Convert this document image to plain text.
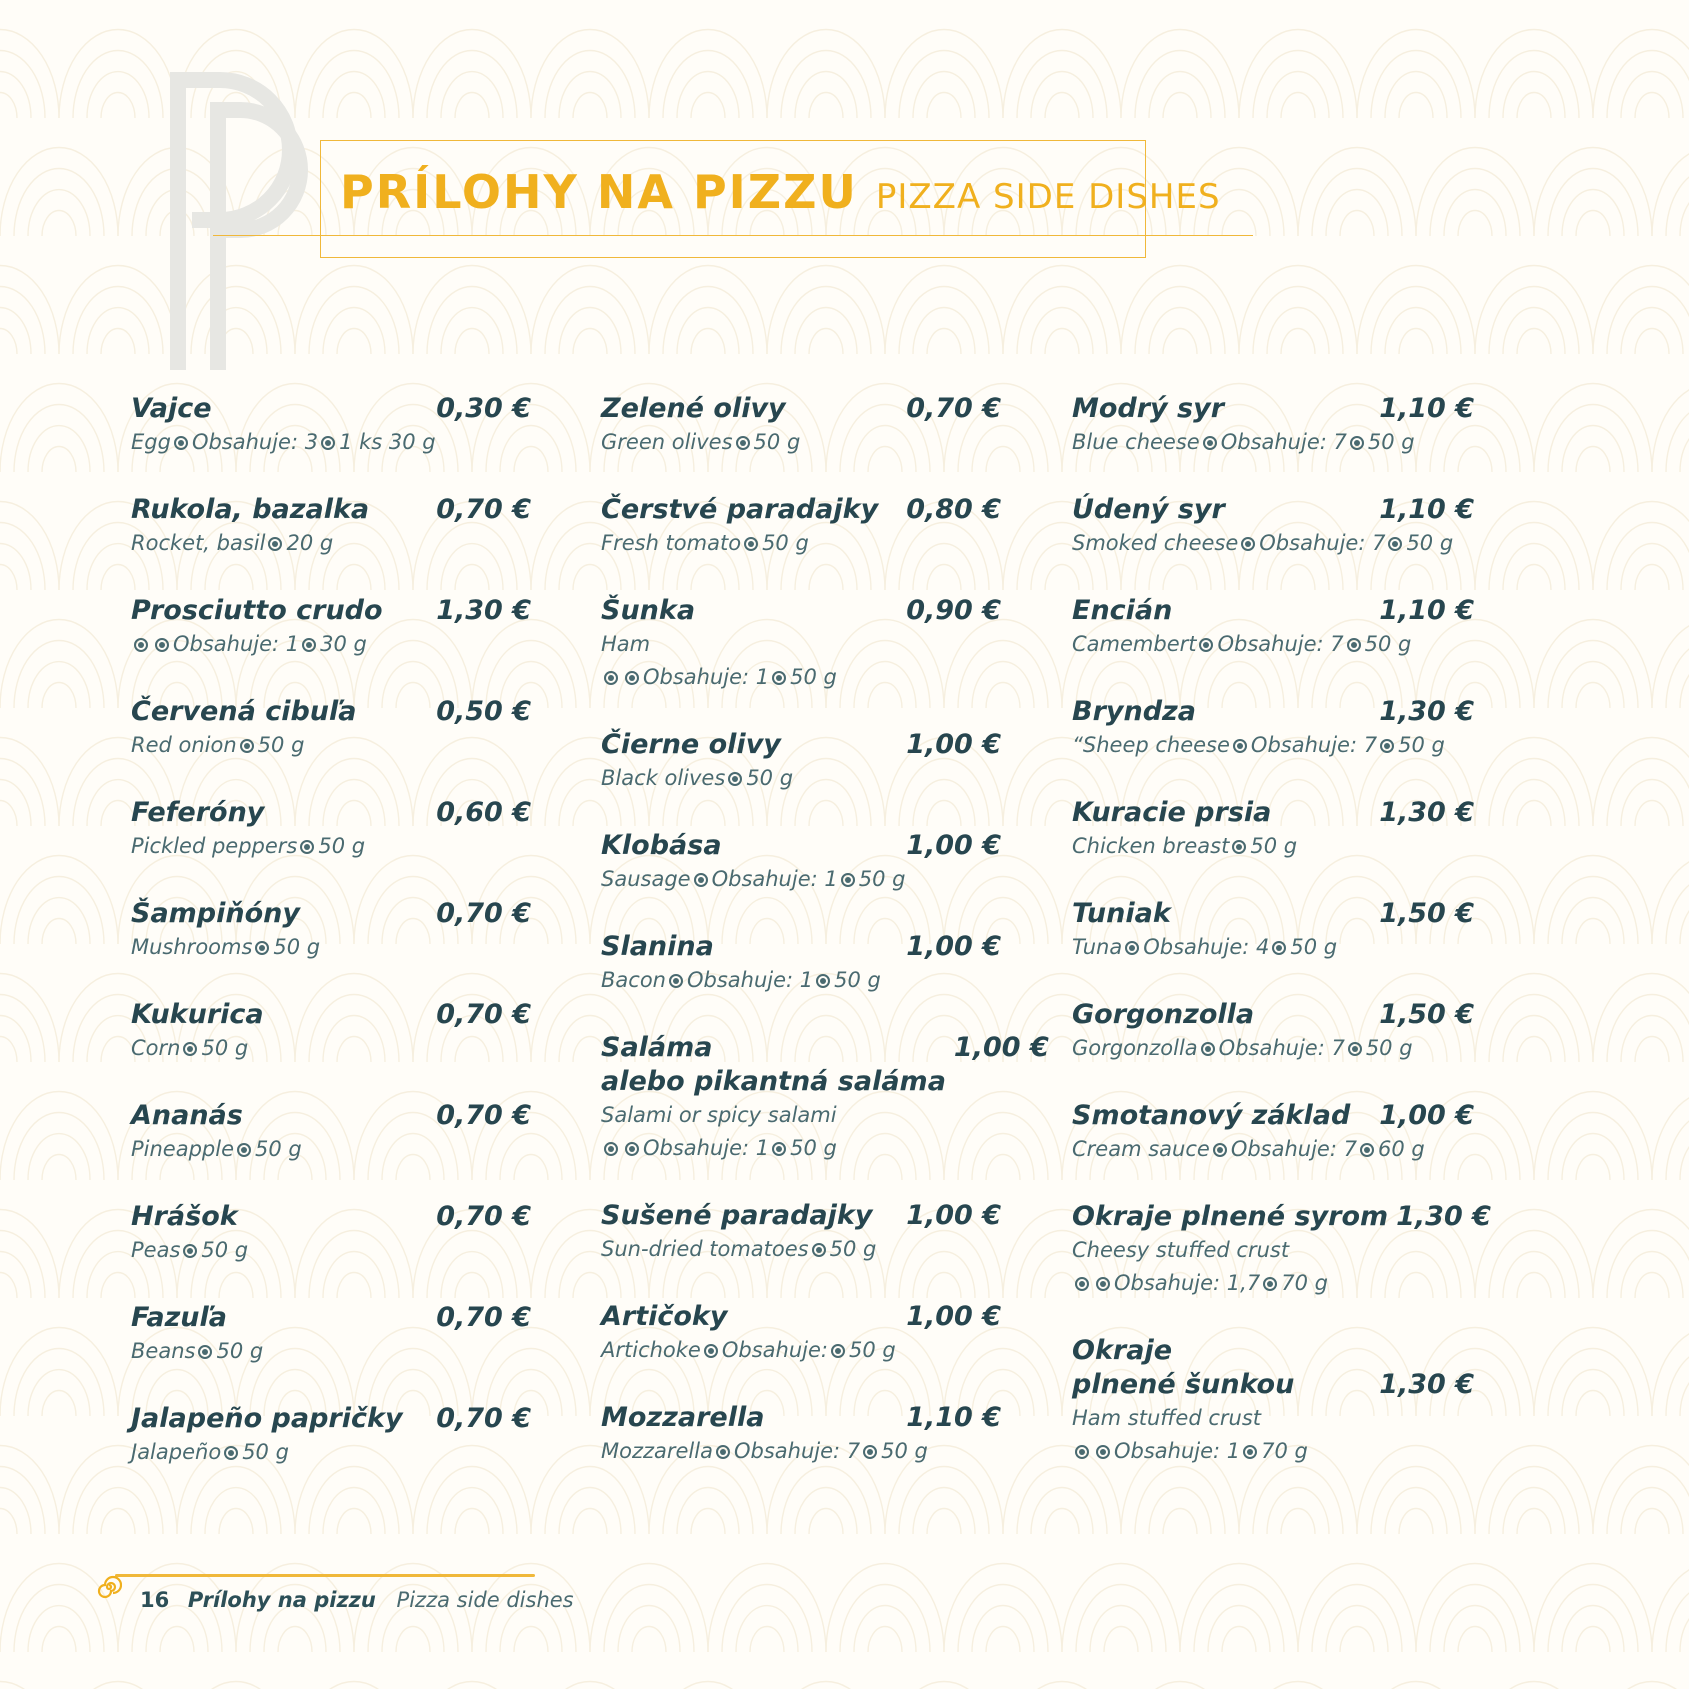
PRÍLOHY NA PIZZU PIZZA SIDE DISHES
Vajce	0,30 €
Egg Obsahuje: 3 1 ks 30 g
Rukola, bazalka 0,70 €
Rocket, basil 20 g
Prosciutto crudo 1,30 €
Obsahuje: 1 30 g
Červená cibuľa	0,50 €
Red onion 50 g
Feferóny	0,60 €
Pickled peppers 50 g
Šampiňóny	0,70 €
Mushrooms 50 g
Kukurica	0,70 €
Corn 50 g
Ananás	0,70 €
Pineapple 50 g
Hrášok	0,70 €
Peas 50 g
Fazuľa	0,70 €
Beans 50 g
Jalapeño papričky 0,70 €
Jalapeño 50 g
Zelené olivy	0,70 €
Green olives 50 g
Čerstvé paradajky 0,80 €
Fresh tomato 50 g
Šunka	0,90 €
Ham
Obsahuje: 1 50 g
Čierne olivy	1,00 €
Black olives 50 g
Klobása	1,00 €
Sausage Obsahuje: 1 50 g
Slanina	1,00 €
Bacon Obsahuje: 1 50 g
Saláma
alebo pikantná saláma
1,00 €
Salami or spicy salami
Obsahuje: 1 50 g
Sušené paradajky 1,00 €
Sun-dried tomatoes 50 g
Artičoky	1,00 €
Artichoke Obsahuje: 50 g
Mozzarella	1,10 €
Mozzarella Obsahuje: 7 50 g
Modrý syr	1,10 €
Blue cheese Obsahuje: 7 50 g
Údený syr	1,10 €
Smoked cheese Obsahuje: 7 50 g
Encián	1,10 €
Camembert Obsahuje: 7 50 g
Bryndza	1,30 €
“Sheep cheese Obsahuje: 7 50 g
Kuracie prsia	1,30 €
Chicken breast 50 g
Tuniak	1,50 €
Tuna Obsahuje: 4 50 g
Gorgonzolla	1,50 €
Gorgonzolla Obsahuje: 7 50 g
Smotanový základ 1,00 €
Cream sauce Obsahuje: 7 60 g
Okraje plnené syrom 1,30 €
Cheesy stuffed crust
Obsahuje: 1,7 70 g
Okraje
plnené šunkou	1,30 €
Ham stuffed crust
Obsahuje: 1 70 g
16 Prílohy na pizzu Pizza side dishes
